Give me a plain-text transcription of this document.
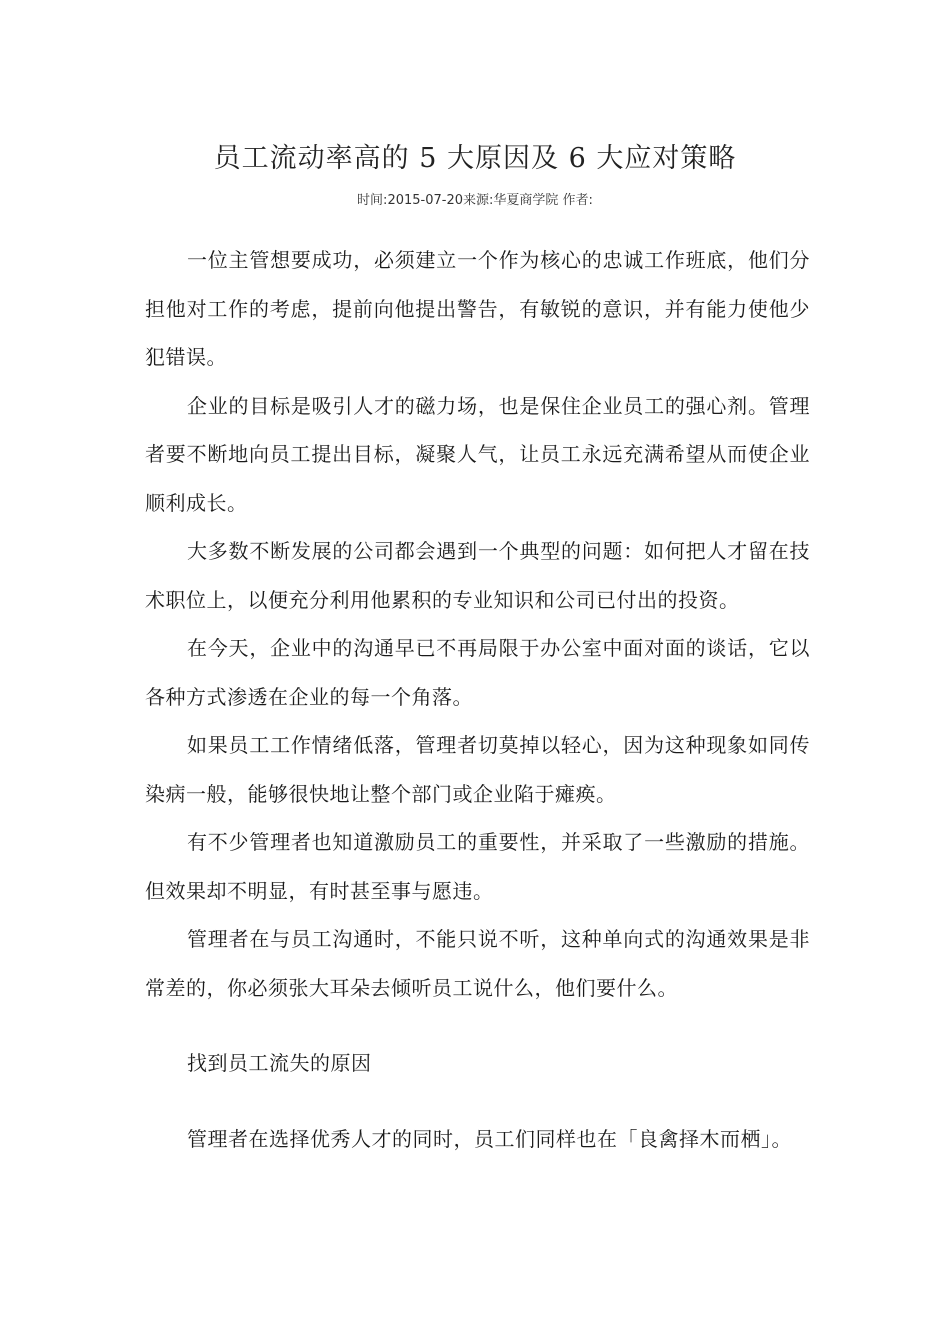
员工流动率高的 5 大原因及 6 大应对策略
时间:2015-07-20来源:华夏商学院 作者:

一位主管想要成功，必须建立一个作为核心的忠诚工作班底，他们分担他对工作的考虑，提前向他提出警告，有敏锐的意识，并有能力使他少犯错误。

企业的目标是吸引人才的磁力场，也是保住企业员工的强心剂。管理者要不断地向员工提出目标，凝聚人气，让员工永远充满希望从而使企业顺利成长。

大多数不断发展的公司都会遇到一个典型的问题：如何把人才留在技术职位上，以便充分利用他累积的专业知识和公司已付出的投资。

在今天，企业中的沟通早已不再局限于办公室中面对面的谈话，它以各种方式渗透在企业的每一个角落。

如果员工工作情绪低落，管理者切莫掉以轻心，因为这种现象如同传染病一般，能够很快地让整个部门或企业陷于瘫痪。

有不少管理者也知道激励员工的重要性，并采取了一些激励的措施。但效果却不明显，有时甚至事与愿违。

管理者在与员工沟通时，不能只说不听，这种单向式的沟通效果是非常差的，你必须张大耳朵去倾听员工说什么，他们要什么。

找到员工流失的原因

管理者在选择优秀人才的同时，员工们同样也在「良禽择木而栖」。
